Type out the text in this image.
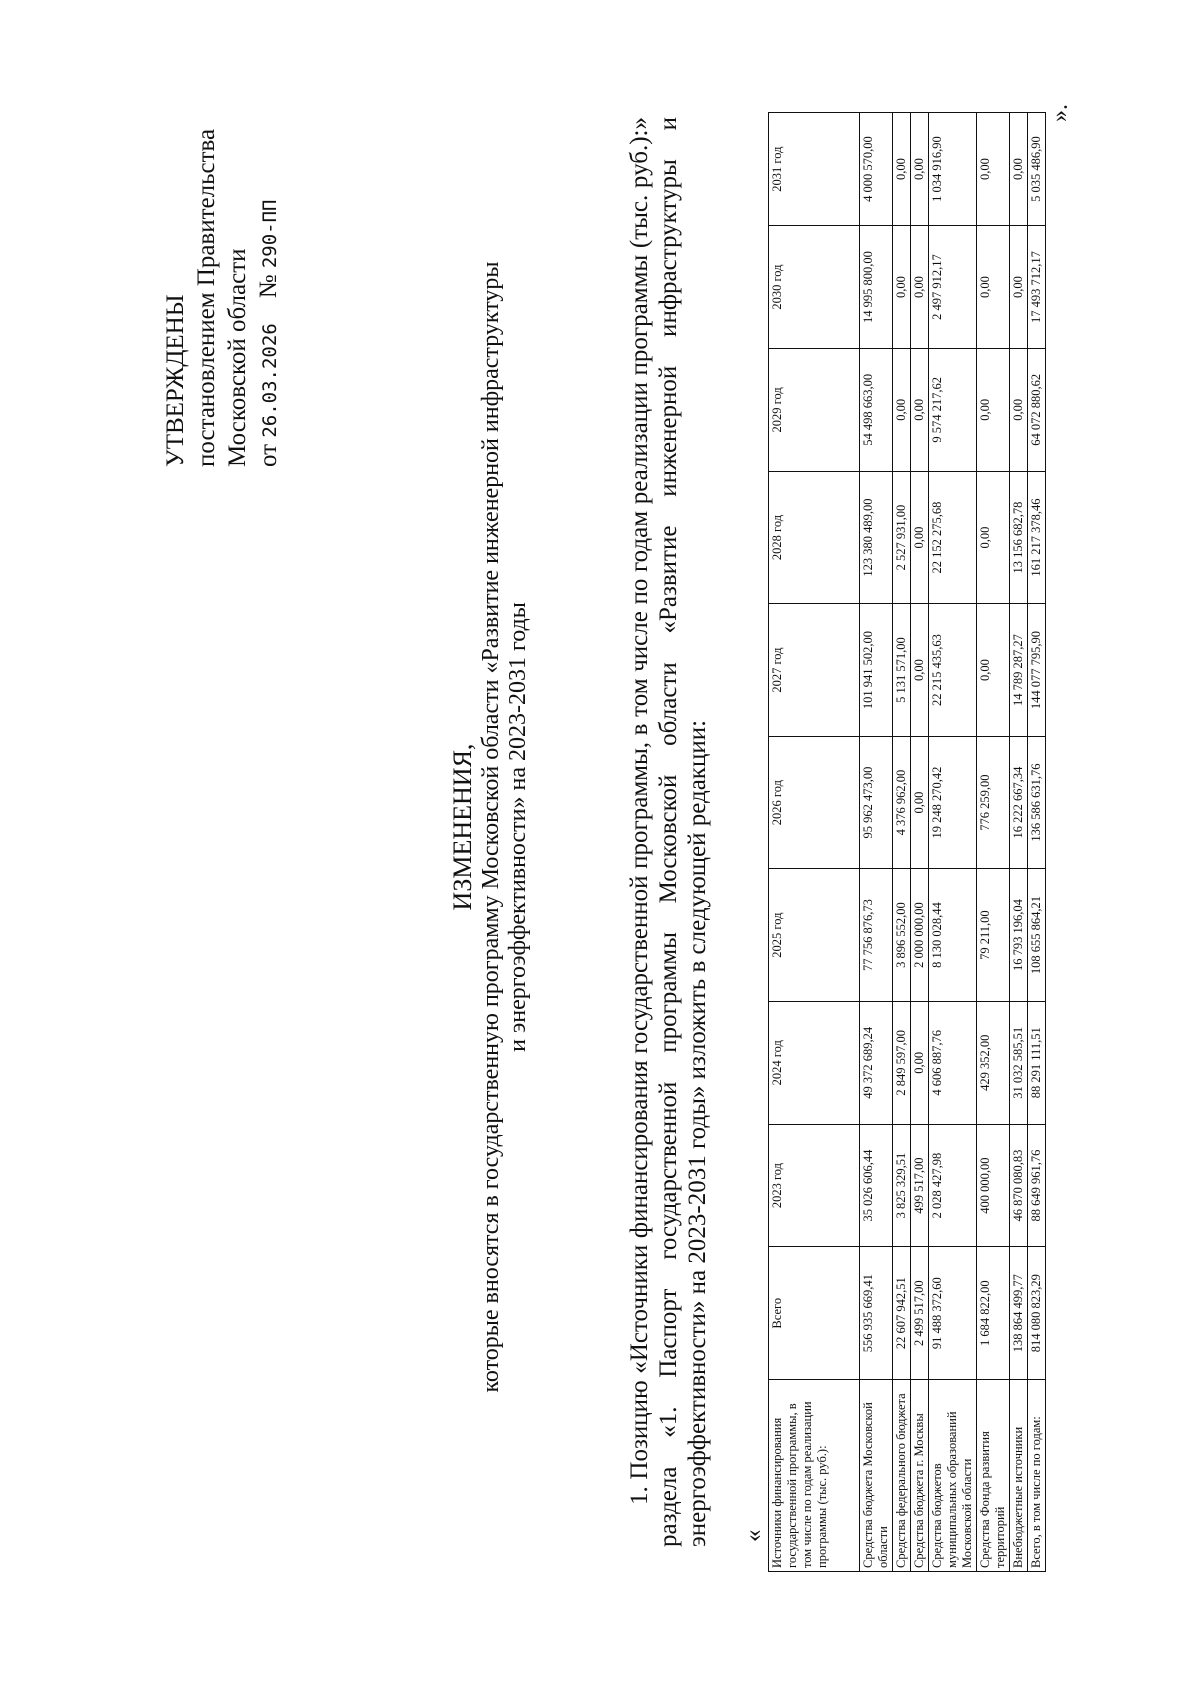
УТВЕРЖДЕНЫ постановлением Правительства Московской области от 26.03.2026    № 290-ПП
ИЗМЕНЕНИЯ, которые вносятся в государственную программу Московской области «Развитие инженерной инфраструктуры и энергоэффективности» на 2023-2031 годы	1. Позицию «Источники финансирования государственной программы, в том числе по годам реализации программы (тыс. руб.):» раздела «1. Паспорт государственной программы Московской области «Развитие инженерной инфраструктуры и энергоэффективности» на 2023-2031 годы» изложить в следующей редакции: « Источники финансирования государственной программы, в том числе по годам реализации программы (тыс. руб.):	Всего	2023 год	2024 год	2025 год	2026 год	2027 год	2028 год	2029 год	2030 год	2031 год
Средства бюджета Московской области	556 935 669,41	35 026 606,44	49 372 689,24	77 756 876,73	95 962 473,00	101 941 502,00	123 380 489,00	54 498 663,00	14 995 800,00	4 000 570,00
Средства федерального бюджета	22 607 942,51	3 825 329,51	2 849 597,00	3 896 552,00	4 376 962,00	5 131 571,00	2 527 931,00	0,00	0,00	0,00
Средства бюджета г. Москвы	2 499 517,00	499 517,00	0,00	2 000 000,00	0,00	0,00	0,00	0,00	0,00	0,00
Средства бюджетов муниципальных образований Московской области	91 488 372,60	2 028 427,98	4 606 887,76	8 130 028,44	19 248 270,42	22 215 435,63	22 152 275,68	9 574 217,62	2 497 912,17	1 034 916,90
Средства Фонда развития территорий	1 684 822,00	400 000,00	429 352,00	79 211,00	776 259,00	0,00	0,00	0,00	0,00	0,00
Внебюджетные источники	138 864 499,77	46 870 080,83	31 032 585,51	16 793 196,04	16 222 667,34	14 789 287,27	13 156 682,78	0,00	0,00	0,00
Всего, в том числе по годам:	814 080 823,29	88 649 961,76	88 291 111,51	108 655 864,21	136 586 631,76	144 077 795,90	161 217 378,46	64 072 880,62	17 493 712,17	5 035 486,90
».
